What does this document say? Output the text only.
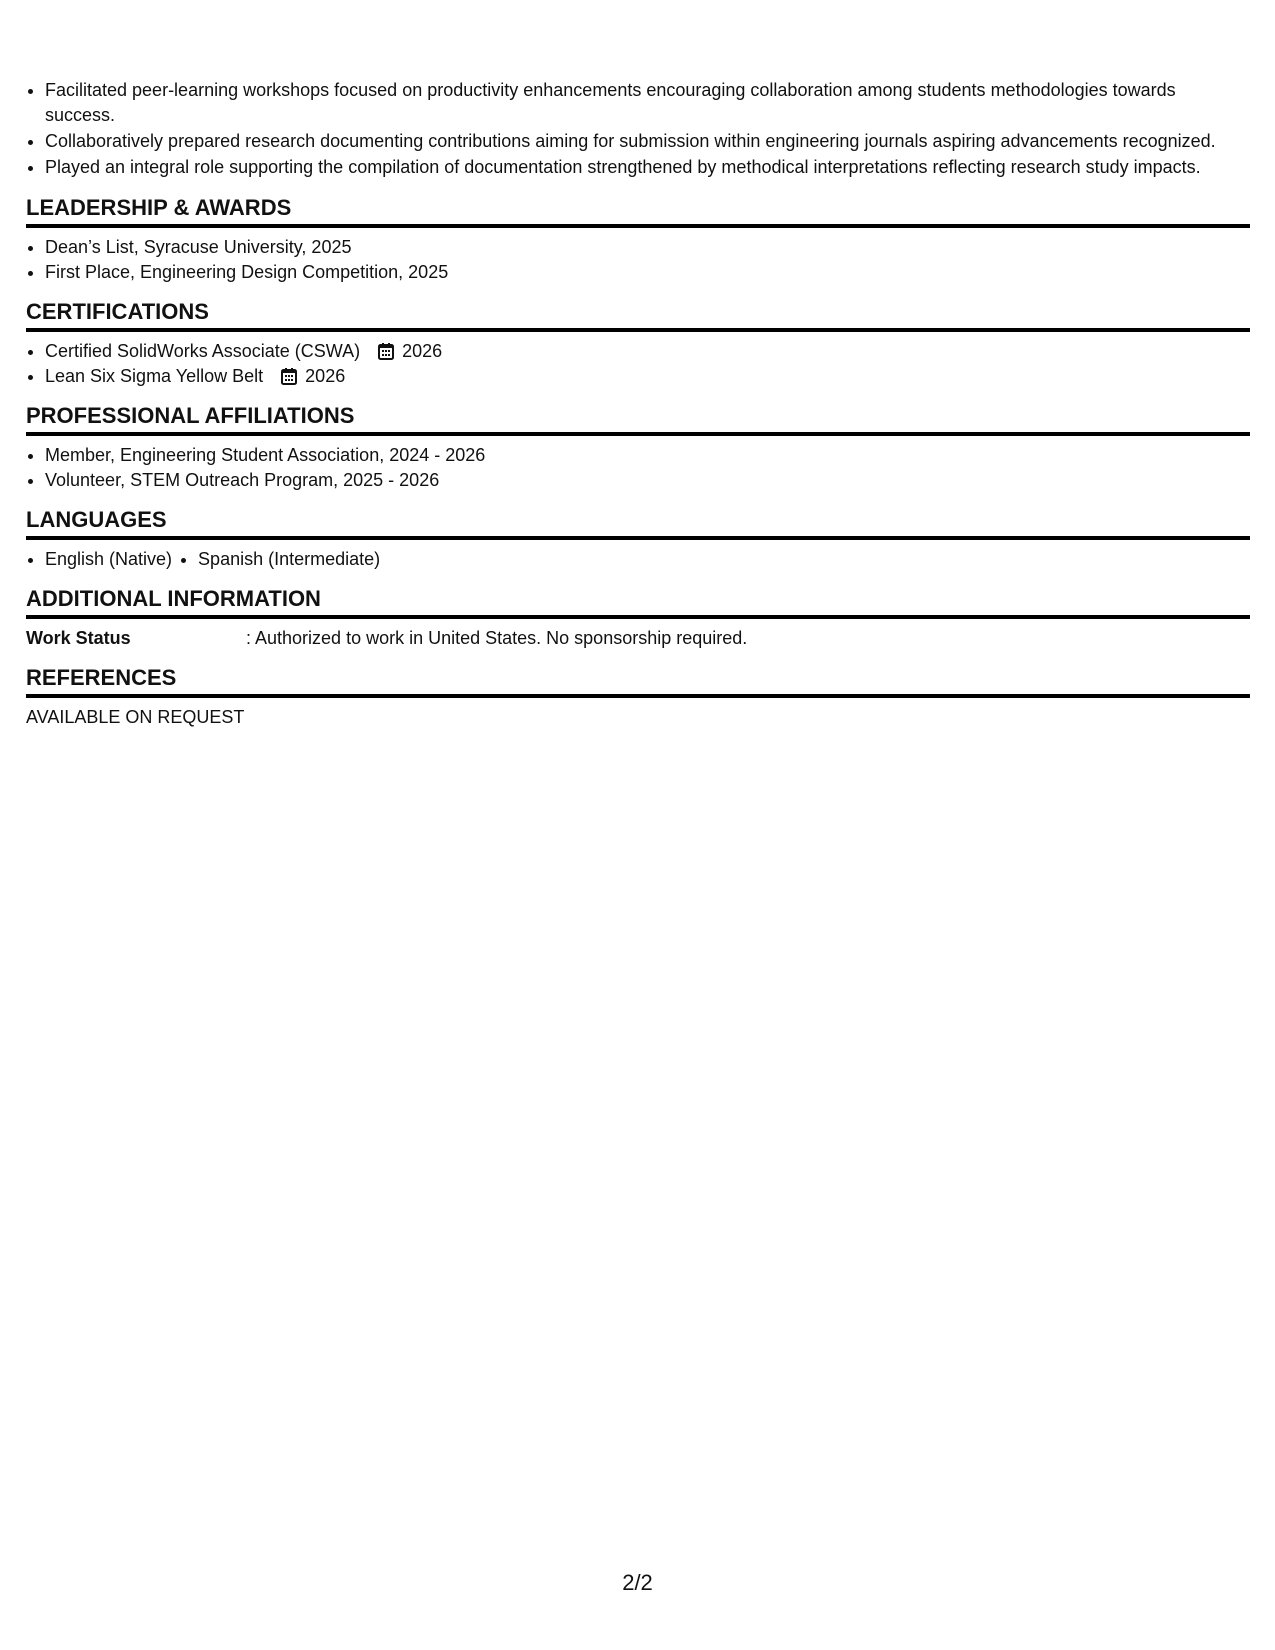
• Facilitated peer-learning workshops focused on productivity enhancements encouraging collaboration among students methodologies towards success.
• Collaboratively prepared research documenting contributions aiming for submission within engineering journals aspiring advancements recognized.
• Played an integral role supporting the compilation of documentation strengthened by methodical interpretations reflecting research study impacts.
LEADERSHIP & AWARDS
• Dean’s List, Syracuse University, 2025
• First Place, Engineering Design Competition, 2025
CERTIFICATIONS
• Certified SolidWorks Associate (CSWA) 2026
• Lean Six Sigma Yellow Belt 2026
PROFESSIONAL AFFILIATIONS
• Member, Engineering Student Association, 2024 - 2026
• Volunteer, STEM Outreach Program, 2025 - 2026
LANGUAGES
• English (Native)
• Spanish (Intermediate)
ADDITIONAL INFORMATION
Work Status	: Authorized to work in United States. No sponsorship required.
REFERENCES
AVAILABLE ON REQUEST
2/2
